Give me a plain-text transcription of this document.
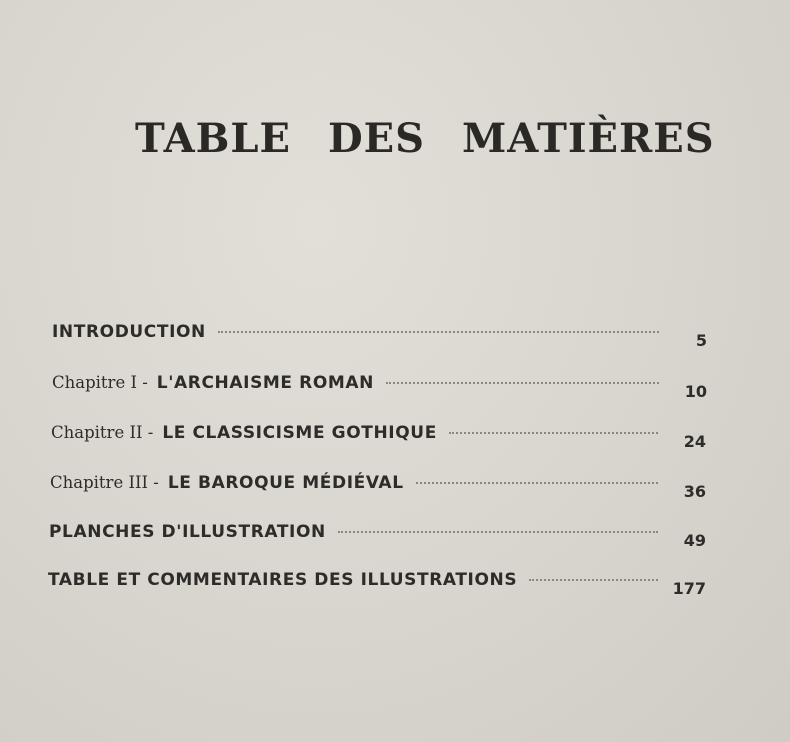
TABLE DES MATIÈRES
INTRODUCTION	5
Chapitre I - L'ARCHAISME ROMAN	10
Chapitre II - LE CLASSICISME GOTHIQUE	24
Chapitre III - LE BAROQUE MÉDIÉVAL	36
PLANCHES D'ILLUSTRATION	49
TABLE ET COMMENTAIRES DES ILLUSTRATIONS	177
